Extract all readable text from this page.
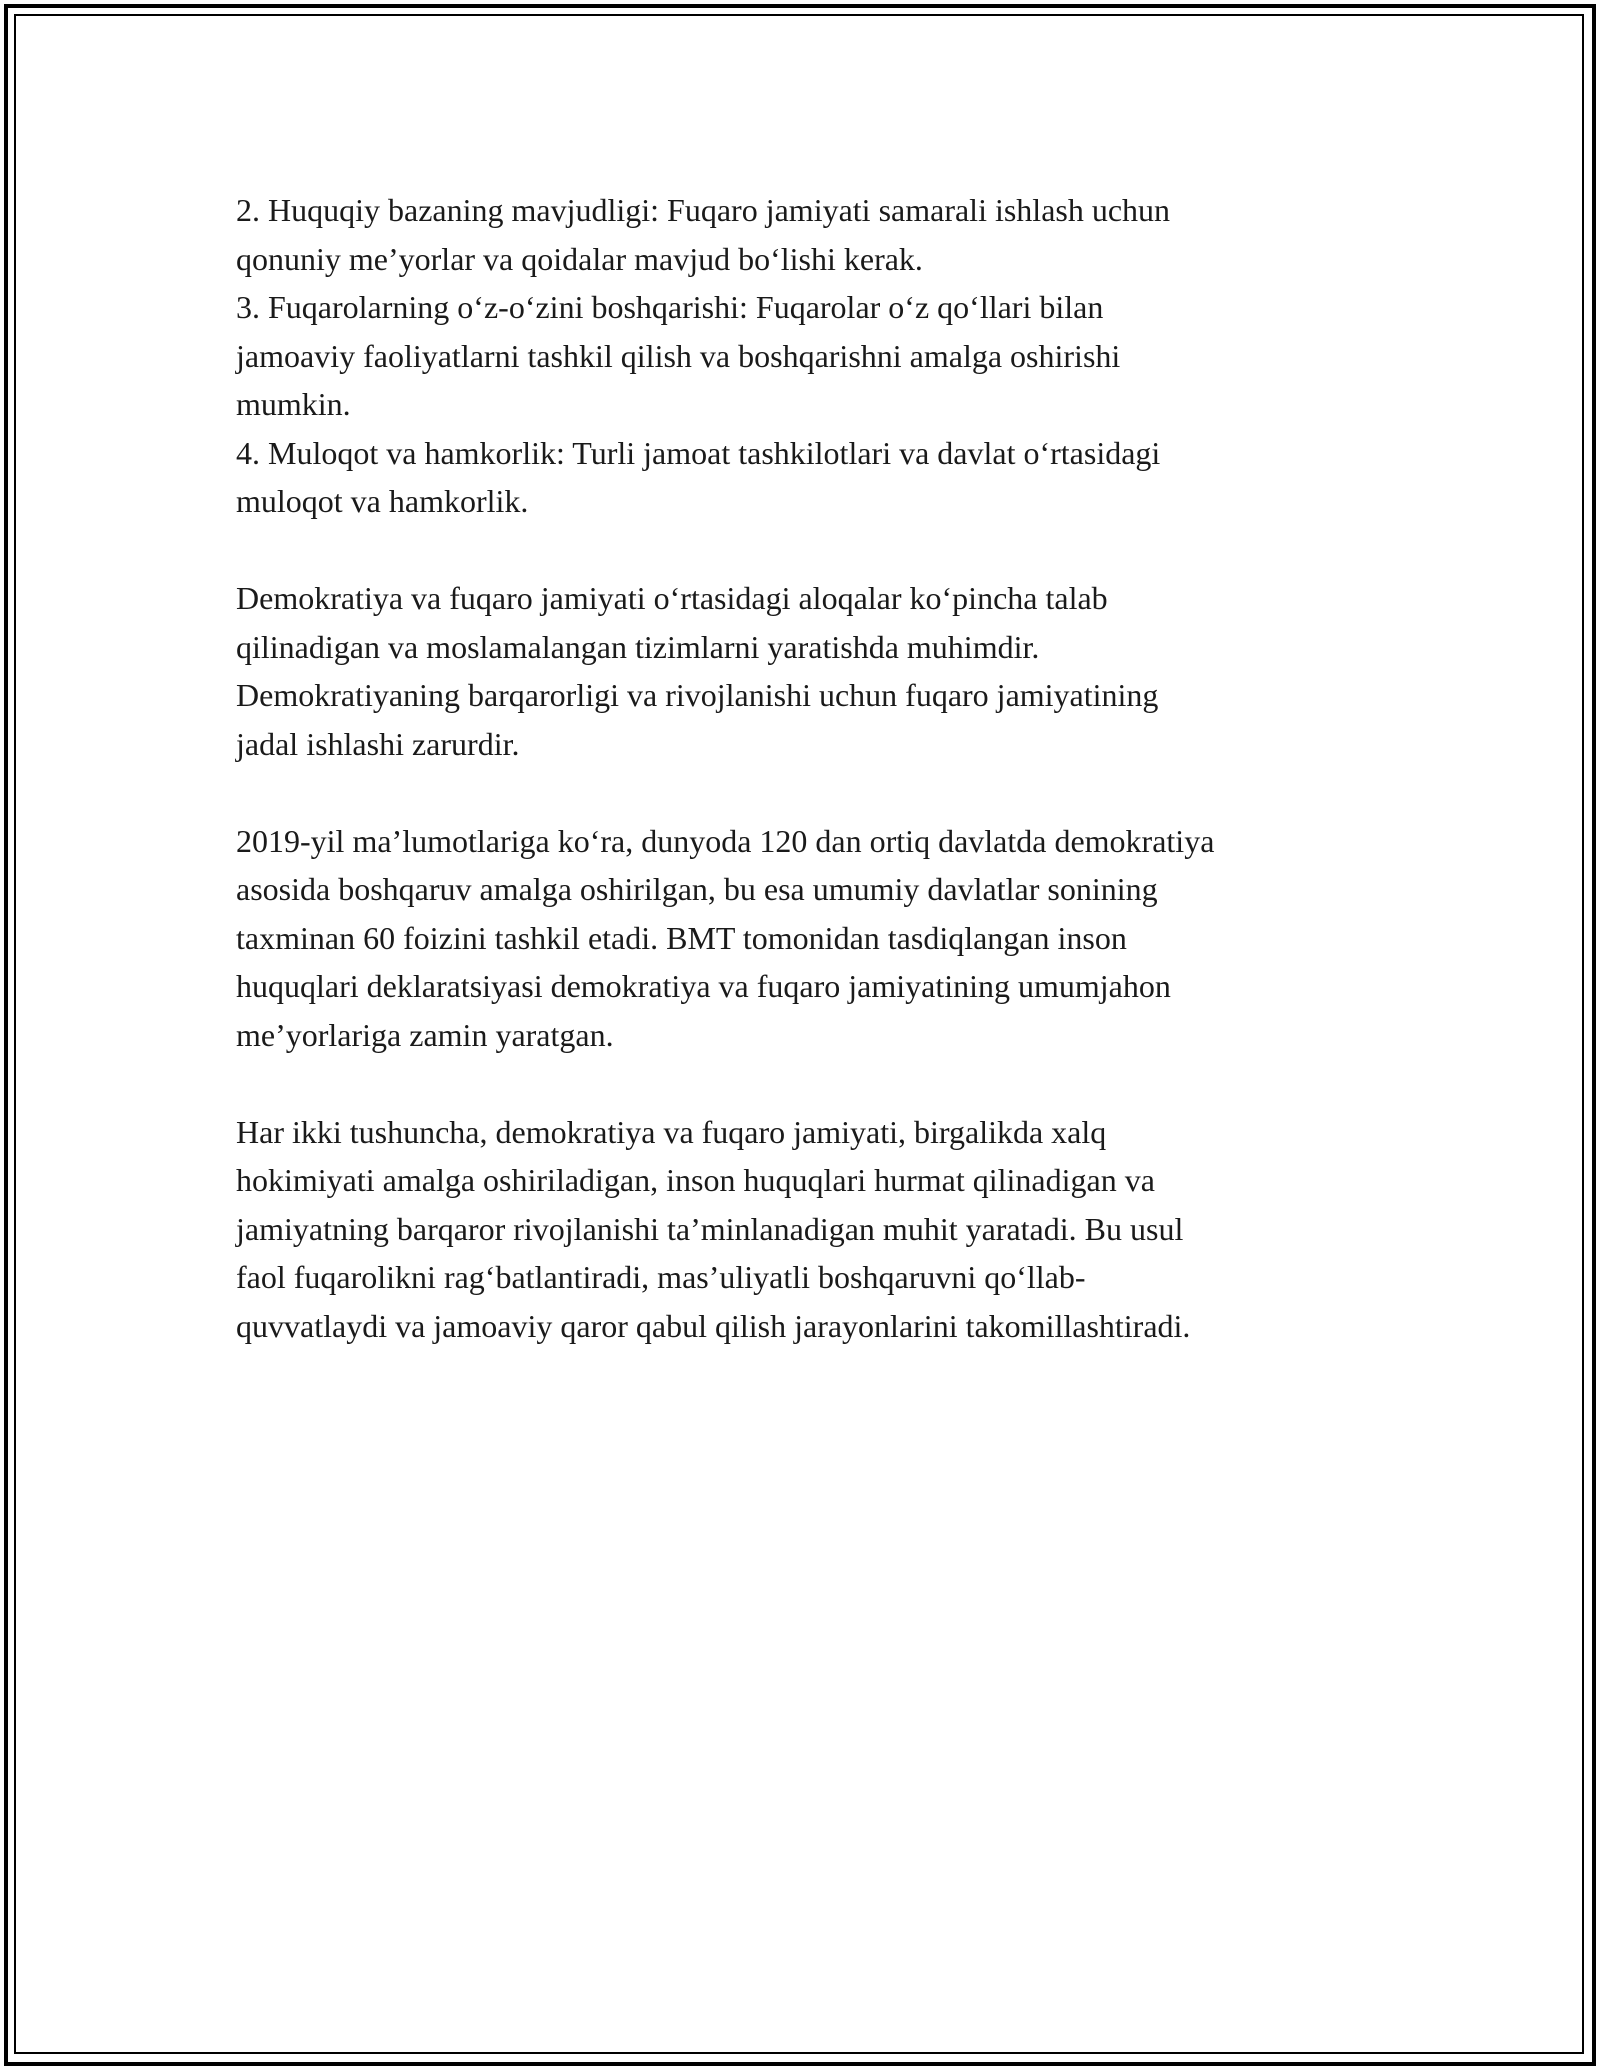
2. Huquqiy bazaning mavjudligi: Fuqaro jamiyati samarali ishlash uchun

qonuniy me’yorlar va qoidalar mavjud bo‘lishi kerak.

3. Fuqarolarning o‘z-o‘zini boshqarishi: Fuqarolar o‘z qo‘llari bilan

jamoaviy faoliyatlarni tashkil qilish va boshqarishni amalga oshirishi

mumkin.

4. Muloqot va hamkorlik: Turli jamoat tashkilotlari va davlat o‘rtasidagi

muloqot va hamkorlik.

Demokratiya va fuqaro jamiyati o‘rtasidagi aloqalar ko‘pincha talab

qilinadigan va moslamalangan tizimlarni yaratishda muhimdir.

Demokratiyaning barqarorligi va rivojlanishi uchun fuqaro jamiyatining

jadal ishlashi zarurdir.

2019-yil ma’lumotlariga ko‘ra, dunyoda 120 dan ortiq davlatda demokratiya

asosida boshqaruv amalga oshirilgan, bu esa umumiy davlatlar sonining

taxminan 60 foizini tashkil etadi. BMT tomonidan tasdiqlangan inson

huquqlari deklaratsiyasi demokratiya va fuqaro jamiyatining umumjahon

me’yorlariga zamin yaratgan.

Har ikki tushuncha, demokratiya va fuqaro jamiyati, birgalikda xalq

hokimiyati amalga oshiriladigan, inson huquqlari hurmat qilinadigan va

jamiyatning barqaror rivojlanishi ta’minlanadigan muhit yaratadi. Bu usul

faol fuqarolikni rag‘batlantiradi, mas’uliyatli boshqaruvni qo‘llab-

quvvatlaydi va jamoaviy qaror qabul qilish jarayonlarini takomillashtiradi.
